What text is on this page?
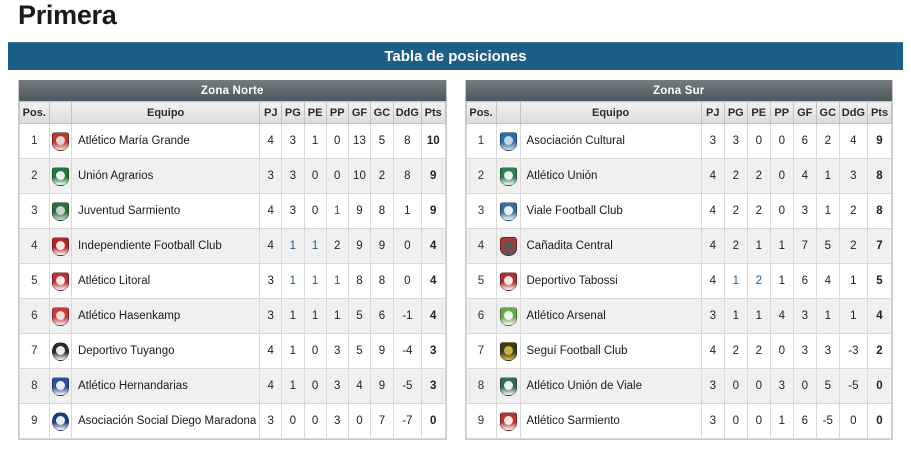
Primera
Tabla de posiciones
Zona Norte
Pos.		Equipo	PJ	PG	PE	PP	GF	GC	DdG	Pts
1		Atlético María Grande	4	3	1	0	13	5	8	10
2		Unión Agrarios	3	3	0	0	10	2	8	9
3		Juventud Sarmiento	4	3	0	1	9	8	1	9
4		Independiente Football Club	4	1	1	2	9	9	0	4
5		Atlético Litoral	3	1	1	1	8	8	0	4
6		Atlético Hasenkamp	3	1	1	1	5	6	-1	4
7		Deportivo Tuyango	4	1	0	3	5	9	-4	3
8		Atlético Hernandarias	4	1	0	3	4	9	-5	3
9		Asociación Social Diego Maradona	3	0	0	3	0	7	-7	0
Zona Sur
Pos.		Equipo	PJ	PG	PE	PP	GF	GC	DdG	Pts
1		Asociación Cultural	3	3	0	0	6	2	4	9
2		Atlético Unión	4	2	2	0	4	1	3	8
3		Viale Football Club	4	2	2	0	3	1	2	8
4		Cañadita Central	4	2	1	1	7	5	2	7
5		Deportivo Tabossi	4	1	2	1	6	4	1	5
6		Atlético Arsenal	3	1	1	4	3	1	1	4
7		Seguí Football Club	4	2	2	0	3	3	-3	2
8		Atlético Unión de Viale	3	0	0	3	0	5	-5	0
9		Atlético Sarmiento	3	0	0	1	6	-5	0	0
